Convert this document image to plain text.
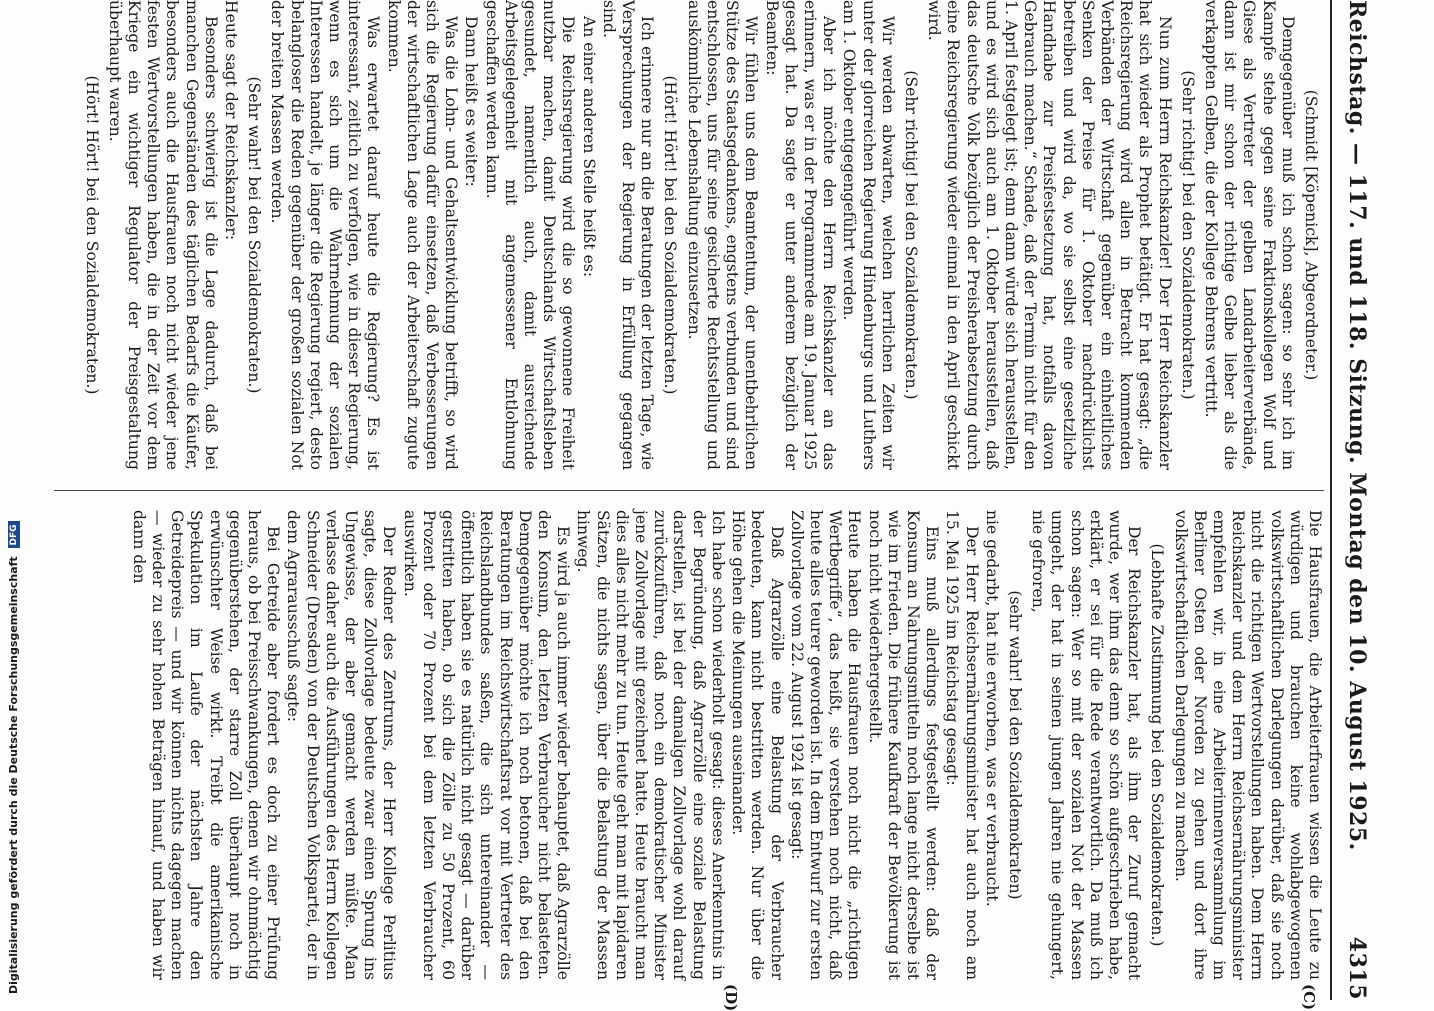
Reichstag. — 117. und 118. Sitzung. Montag den 10. August 1925.
4315
(C)
(D)

(Schmidt [Köpenick], Abgeordneter.)

Demgegenüber muß ich schon sagen: so sehr ich im Kampfe stehe gegen seine Fraktionskollegen Wolf und Giese als Vertreter der gelben Landarbeiterverbände, dann ist mir schon der richtige Gelbe lieber als die verkappten Gelben, die der Kollege Behrens vertritt.

(Sehr richtig! bei den Sozialdemokraten.)

Nun zum Herrn Reichskanzler! Der Herr Reichskanzler hat sich wieder als Prophet betätigt. Er hat gesagt: „die Reichsregierung wird allen in Betracht kommenden Verbänden der Wirtschaft gegenüber ein einheitliches Senken der Preise für 1. Oktober nachdrücklichst betreiben und wird da, wo sie selbst eine gesetzliche Handhabe zur Preisfestsetzung hat, notfalls davon Gebrauch machen.“ Schade, daß der Termin nicht für den 1. April festgelegt ist; denn dann würde sich herausstellen, und es wird sich auch am 1. Oktober herausstellen, daß das deutsche Volk bezüglich der Preisherabsetzung durch eine Reichsregierung wieder einmal in den April geschickt wird.

(Sehr richtig! bei den Sozialdemokraten.)

Wir werden abwarten, welchen herrlichen Zeiten wir unter der glorreichen Regierung Hindenburgs und Luthers am 1. Oktober entgegengeführt werden.

Aber ich möchte den Herrn Reichskanzler an das erinnern, was er in der Programmrede am 19. Januar 1925 gesagt hat. Da sagte er unter anderem bezüglich der Beamten:

Wir fühlen uns dem Beamtentum, der unentbehrlichen Stütze des Staatsgedankens, engstens verbunden und sind entschlossen, uns für seine gesicherte Rechtsstellung und auskömmliche Lebenshaltung einzusetzen.

(Hört! Hört! bei den Sozialdemokraten.)

Ich erinnere nur an die Beratungen der letzten Tage, wie Versprechungen der Regierung in Erfüllung gegangen sind.

An einer anderen Stelle heißt es:

Die Reichsregierung wird die so gewonnene Freiheit nutzbar machen, damit Deutschlands Wirtschaftsleben gesundet, namentlich auch, damit ausreichende Arbeitsgelegenheit mit angemessener Entlohnung geschaffen werden kann.

Dann heißt es weiter:

Was die Lohn- und Gehaltsentwicklung betrifft, so wird sich die Regierung dafür einsetzen, daß Verbesserungen der wirtschaftlichen Lage auch der Arbeiterschaft zugute kommen.

Was erwartet darauf heute die Regierung? Es ist interessant, zeitlich zu verfolgen, wie in dieser Regierung, wenn es sich um die Wahrnehmung der sozialen Interessen handelt, je länger die Regierung regiert, desto belangloser die Reden gegenüber der großen sozialen Not der breiten Massen werden.

(Sehr wahr! bei den Sozialdemokraten.)

Heute sagt der Reichskanzler:

Besonders schwierig ist die Lage dadurch, daß bei manchen Gegenständen des täglichen Bedarfs die Käufer, besonders auch die Hausfrauen noch nicht wieder jene festen Wertvorstellungen haben, die in der Zeit vor dem Kriege ein wichtiger Regulator der Preisgestaltung überhaupt waren.

(Hört! Hört! bei den Sozialdemokraten.)

Die Hausfrauen, die Arbeiterfrauen wissen die Leute zu würdigen und brauchen keine wohlabgewogenen volkswirtschaftlichen Darlegungen darüber, daß sie noch nicht die richtigen Wertvorstellungen haben. Dem Herrn Reichskanzler und dem Herrn Reichsernährungsminister empfehlen wir, in eine Arbeiterinnenversammlung im Berliner Osten oder Norden zu gehen und dort ihre volkswirtschaftlichen Darlegungen zu machen.

(Lebhafte Zustimmung bei den Sozialdemokraten.)

Der Reichskanzler hat, als ihm der Zuruf gemacht wurde, wer ihm das denn so schön aufgeschrieben habe, erklärt, er sei für die Rede verantwortlich. Da muß ich schon sagen: Wer so mit der sozialen Not der Massen umgeht, der hat in seinen jungen Jahren nie gehungert, nie gefroren,

(sehr wahr! bei den Sozialdemokraten)

nie gedarbt, hat nie erworben, was er verbraucht.

Der Herr Reichsernährungsminister hat auch noch am 15. Mai 1925 im Reichstag gesagt:

Eins muß allerdings festgestellt werden: daß der Konsum an Nahrungsmitteln noch lange nicht derselbe ist wie im Frieden. Die frühere Kaufkraft der Bevölkerung ist noch nicht wiederhergestellt.

Heute haben die Hausfrauen noch nicht die „richtigen Wertbegriffe“, das heißt, sie verstehen noch nicht, daß heute alles teurer geworden ist. In dem Entwurf zur ersten Zollvorlage vom 22. August 1924 ist gesagt:

Daß Agrarzölle eine Belastung der Verbraucher bedeuten, kann nicht bestritten werden. Nur über die Höhe gehen die Meinungen auseinander.

Ich habe schon wiederholt gesagt: dieses Anerkenntnis in der Begründung, daß Agrarzölle eine soziale Belastung darstellen, ist bei der damaligen Zollvorlage wohl darauf zurückzuführen, daß noch ein demokratischer Minister jene Zollvorlage mit gezeichnet hatte. Heute braucht man dies alles nicht mehr zu tun. Heute geht man mit lapidaren Sätzen, die nichts sagen, über die Belastung der Massen hinweg.

Es wird ja auch immer wieder behauptet, daß Agrarzölle den Konsum, den letzten Verbraucher nicht belasteten. Demgegenüber möchte ich noch betonen, daß bei den Beratungen im Reichswirtschaftsrat vor mit Vertreter des Reichslandbundes saßen, die sich untereinander — öffentlich haben sie es natürlich nicht gesagt — darüber gestritten haben, ob sich die Zölle zu 50 Prozent, 60 Prozent oder 70 Prozent bei dem letzten Verbraucher auswirken.

Der Redner des Zentrums, der Herr Kollege Perlitius sagte, diese Zollvorlage bedeute zwar einen Sprung ins Ungewisse, der aber gemacht werden müßte. Man verlasse daher auch die Ausführungen des Herrn Kollegen Schneider (Dresden) von der Deutschen Volkspartei, der in dem Agrarausschuß sagte:

Bei Getreide aber fordert es doch zu einer Prüfung heraus, ob bei Preisschwankungen, denen wir ohnmächtig gegenüberstehen, der starre Zoll überhaupt noch in erwünschter Weise wirkt. Treibt die amerikanische Spekulation im Laufe der nächsten Jahre den Getreidepreis — und wir können nichts dagegen machen — wieder zu sehr hohen Beträgen hinauf, und haben wir dann den

Digitalisierung gefördert durch die Deutsche Forschungsgemeinschaft DFG
